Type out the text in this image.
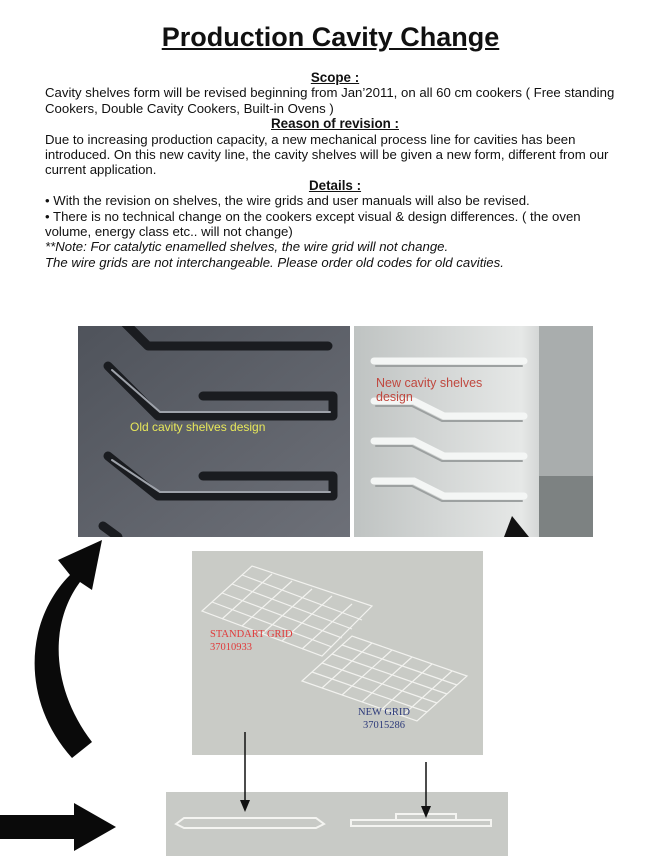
Production Cavity Change
Scope :
Cavity shelves form will be revised beginning from Jan’2011, on all 60 cm cookers ( Free standing Cookers, Double Cavity Cookers, Built-in Ovens )
Reason of revision :
Due to increasing production capacity, a new mechanical process line for cavities has been introduced. On this new cavity line, the cavity shelves will be given a new form, different from our current application.
Details :
• With the revision on shelves, the wire grids and user manuals will also be revised.
• There is no technical change on the cookers except visual & design differences. ( the oven volume, energy class etc.. will not change)
**Note: For catalytic enamelled shelves, the wire grid will not change.
The wire grids are not interchangeable. Please order old codes for old cavities.
Old cavity shelves design
New cavity shelves design
STANDART GRID
37010933
NEW GRID
37015286
